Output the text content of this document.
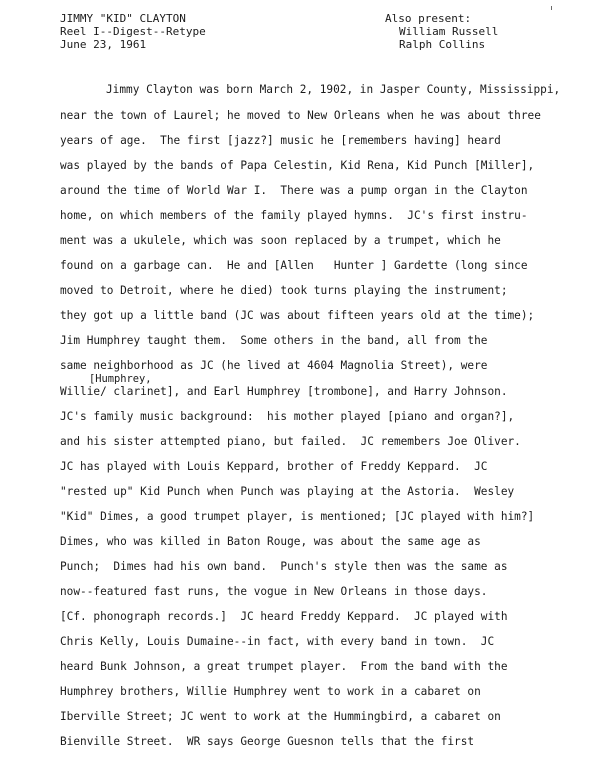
JIMMY "KID" CLAYTON
Reel I--Digest--Retype
June 23, 1961
Also present:
William Russell
Ralph Collins
Jimmy Clayton was born March 2, 1902, in Jasper County, Mississippi,
near the town of Laurel; he moved to New Orleans when he was about three
years of age.  The first [jazz?] music he [remembers having] heard
was played by the bands of Papa Celestin, Kid Rena, Kid Punch [Miller],
around the time of World War I.  There was a pump organ in the Clayton
home, on which members of the family played hymns.  JC's first instru-
ment was a ukulele, which was soon replaced by a trumpet, which he
found on a garbage can.  He and [Allen   Hunter ] Gardette (long since
moved to Detroit, where he died) took turns playing the instrument;
they got up a little band (JC was about fifteen years old at the time);
Jim Humphrey taught them.  Some others in the band, all from the
same neighborhood as JC (he lived at 4604 Magnolia Street), were
[Humphrey,
Willie/ clarinet], and Earl Humphrey [trombone], and Harry Johnson.
JC's family music background:  his mother played [piano and organ?],
and his sister attempted piano, but failed.  JC remembers Joe Oliver.
JC has played with Louis Keppard, brother of Freddy Keppard.  JC
"rested up" Kid Punch when Punch was playing at the Astoria.  Wesley
"Kid" Dimes, a good trumpet player, is mentioned; [JC played with him?]
Dimes, who was killed in Baton Rouge, was about the same age as
Punch;  Dimes had his own band.  Punch's style then was the same as
now--featured fast runs, the vogue in New Orleans in those days.
[Cf. phonograph records.]  JC heard Freddy Keppard.  JC played with
Chris Kelly, Louis Dumaine--in fact, with every band in town.  JC
heard Bunk Johnson, a great trumpet player.  From the band with the
Humphrey brothers, Willie Humphrey went to work in a cabaret on
Iberville Street; JC went to work at the Hummingbird, a cabaret on
Bienville Street.  WR says George Guesnon tells that the first
